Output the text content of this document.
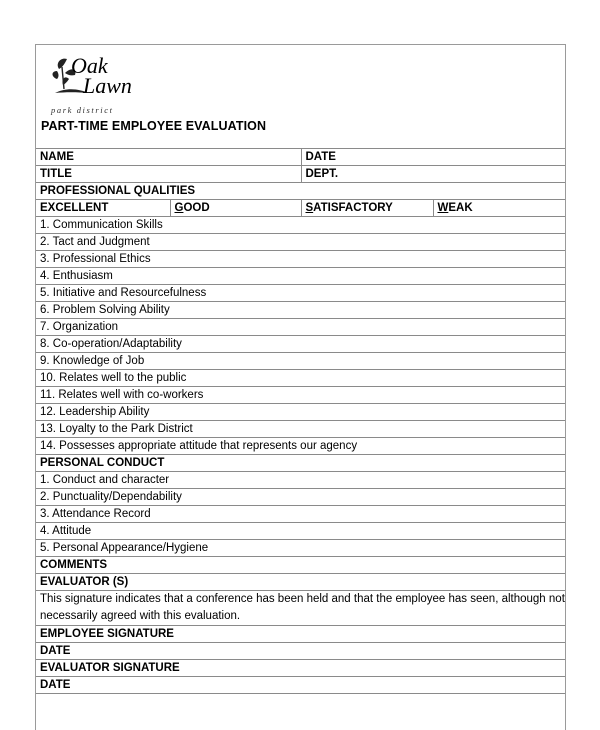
Oak
Lawn
park district
PART-TIME EMPLOYEE EVALUATION
NAME		DATE	
TITLE		DEPT.	
PROFESSIONAL QUALITIES			
EXCELLENT	GOOD	SATISFACTORY	WEAK
1. Communication Skills			
2. Tact and Judgment			
3. Professional Ethics			
4. Enthusiasm			
5. Initiative and Resourcefulness			
6. Problem Solving Ability			
7. Organization			
8. Co-operation/Adaptability			
9. Knowledge of Job			
10. Relates well to the public			
11. Relates well with co-workers			
12. Leadership Ability			
13. Loyalty to the Park District			
14. Possesses appropriate attitude that represents our agency			
PERSONAL CONDUCT			
1. Conduct and character			
2. Punctuality/Dependability			
3. Attendance Record			
4. Attitude			
5. Personal Appearance/Hygiene			
COMMENTS			
EVALUATOR (S)			
This signature indicates that a conference has been held and that the employee has seen, although not necessarily agreed with this evaluation.			
EMPLOYEE SIGNATURE			
DATE			
EVALUATOR SIGNATURE			
DATE			
